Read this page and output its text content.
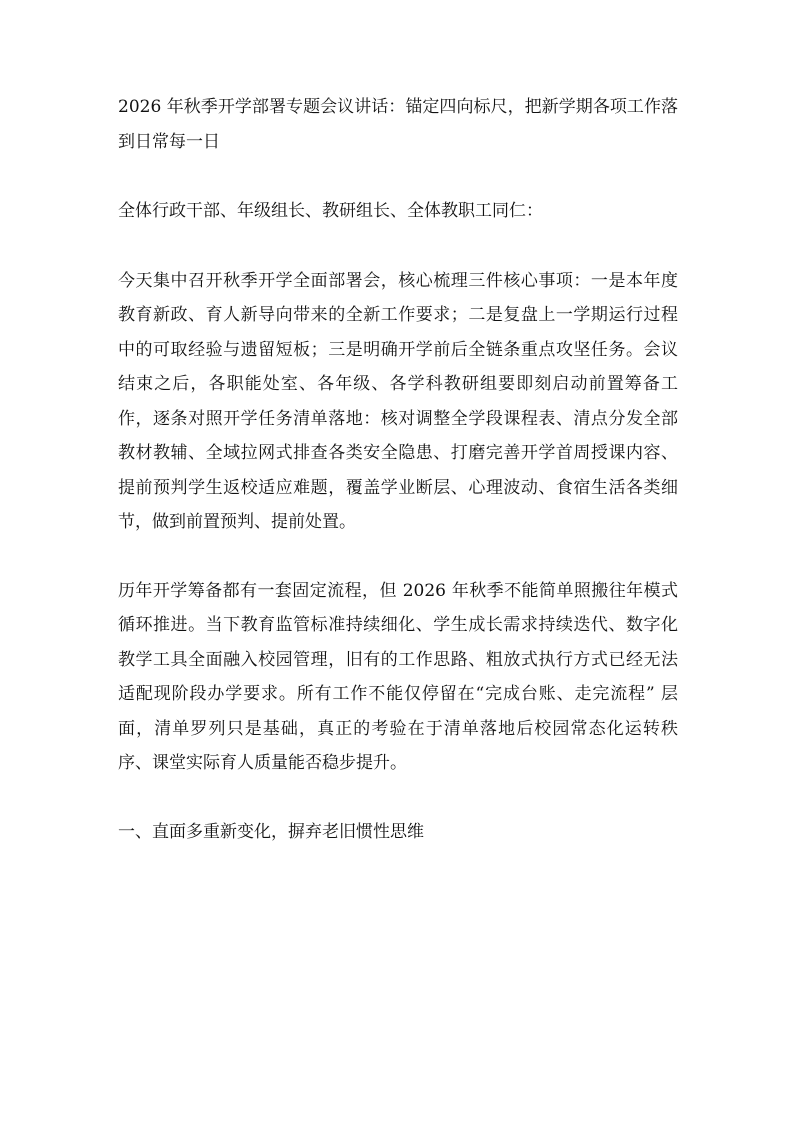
2026 年秋季开学部署专题会议讲话：锚定四向标尺，把新学期各项工作落到日常每一日

全体行政干部、年级组长、教研组长、全体教职工同仁：

今天集中召开秋季开学全面部署会，核心梳理三件核心事项：一是本年度教育新政、育人新导向带来的全新工作要求；二是复盘上一学期运行过程中的可取经验与遗留短板；三是明确开学前后全链条重点攻坚任务。会议结束之后，各职能处室、各年级、各学科教研组要即刻启动前置筹备工作，逐条对照开学任务清单落地：核对调整全学段课程表、清点分发全部教材教辅、全域拉网式排查各类安全隐患、打磨完善开学首周授课内容、提前预判学生返校适应难题，覆盖学业断层、心理波动、食宿生活各类细节，做到前置预判、提前处置。

历年开学筹备都有一套固定流程，但 2026 年秋季不能简单照搬往年模式循环推进。当下教育监管标准持续细化、学生成长需求持续迭代、数字化教学工具全面融入校园管理，旧有的工作思路、粗放式执行方式已经无法适配现阶段办学要求。所有工作不能仅停留在“完成台账、走完流程” 层面，清单罗列只是基础，真正的考验在于清单落地后校园常态化运转秩序、课堂实际育人质量能否稳步提升。

一、直面多重新变化，摒弃老旧惯性思维
